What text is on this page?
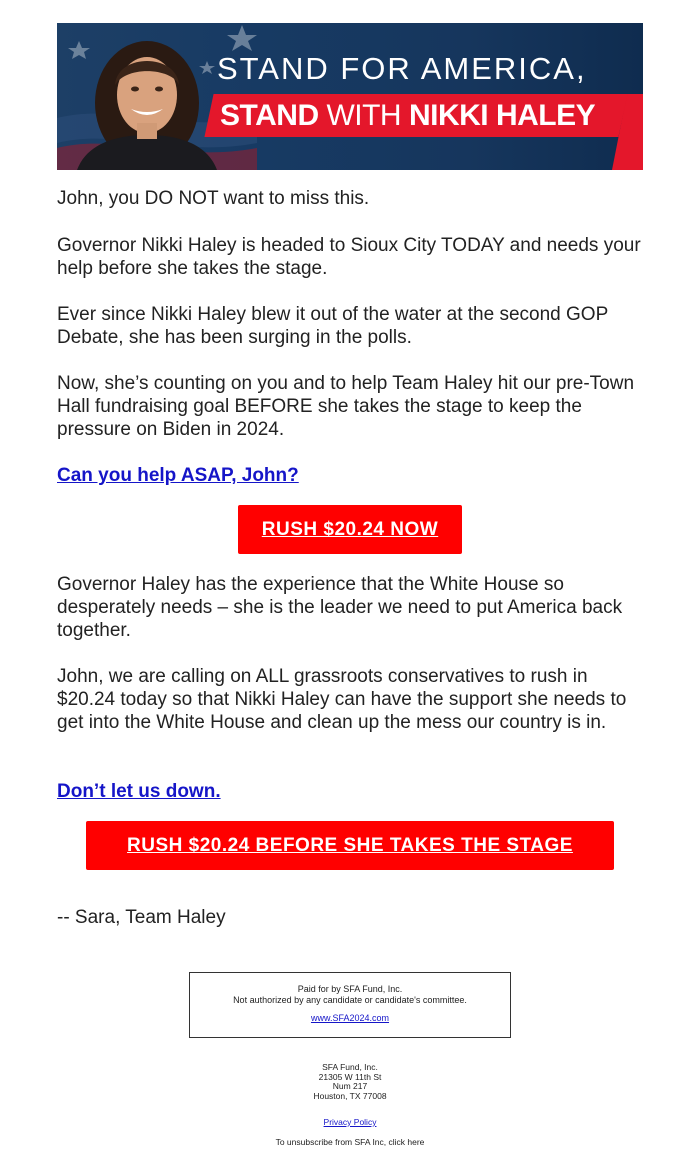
STAND FOR AMERICA,
STAND WITH NIKKI HALEY

John, you DO NOT want to miss this.

Governor Nikki Haley is headed to Sioux City TODAY and needs your help before she takes the stage.

Ever since Nikki Haley blew it out of the water at the second GOP Debate, she has been surging in the polls.

Now, she’s counting on you and to help Team Haley hit our pre-Town Hall fundraising goal BEFORE she takes the stage to keep the pressure on Biden in 2024.

Can you help ASAP, John?
RUSH $20.24 NOW

Governor Haley has the experience that the White House so desperately needs – she is the leader we need to put America back together.

John, we are calling on ALL grassroots conservatives to rush in $20.24 today so that Nikki Haley can have the support she needs to get into the White House and clean up the mess our country is in.

Don’t let us down.
RUSH $20.24 BEFORE SHE TAKES THE STAGE
-- Sara, Team Haley
Paid for by SFA Fund, Inc.
Not authorized by any candidate or candidate's committee.
www.SFA2024.com
SFA Fund, Inc.
21305 W 11th St
Num 217
Houston, TX 77008
Privacy Policy
To unsubscribe from SFA Inc, click here
